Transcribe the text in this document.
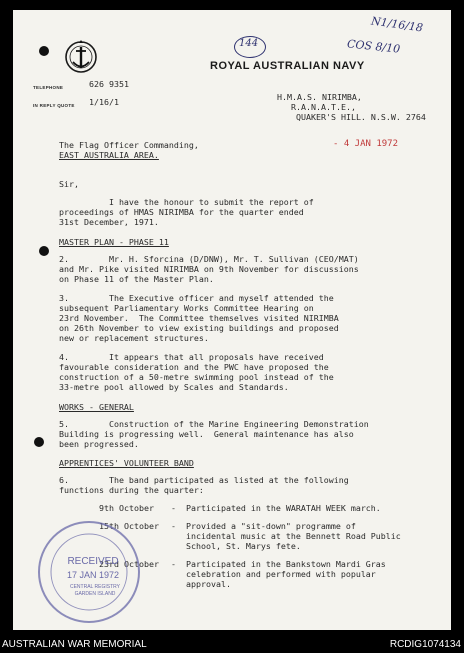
ROYAL AUSTRALIAN NAVY
N1/16/18
COS 8/10
144
TELEPHONE	626 9351
IN REPLY QUOTE 1/16/1	H.M.A.S. NIRIMBA,
R.A.N.A.T.E.,
QUAKER'S HILL. N.S.W. 2764
- 4 JAN 1972
The Flag Officer Commanding,
EAST AUSTRALIA AREA.
Sir,
I have the honour to submit the report of
proceedings of HMAS NIRIMBA for the quarter ended
31st December, 1971.
MASTER PLAN - PHASE 11
2.        Mr. H. Sforcina (D/DNW), Mr. T. Sullivan (CEO/MAT)
and Mr. Pike visited NIRIMBA on 9th November for discussions
on Phase 11 of the Master Plan.
3.        The Executive officer and myself attended the
subsequent Parliamentary Works Committee Hearing on
23rd November.  The Committee themselves visited NIRIMBA
on 26th November to view existing buildings and proposed
new or replacement structures.
4.        It appears that all proposals have received
favourable consideration and the PWC have proposed the
construction of a 50-metre swimming pool instead of the
33-metre pool allowed by Scales and Standards.
WORKS - GENERAL
5.        Construction of the Marine Engineering Demonstration
Building is progressing well.  General maintenance has also
been progressed.
APPRENTICES' VOLUNTEER BAND
6.        The band participated as listed at the following
functions during the quarter:
9th October -  Participated in the WARATAH WEEK march.
15th October -  Provided a "sit-down" programme of
incidental music at the Bennett Road Public
School, St. Marys fete.
23rd October -  Participated in the Bankstown Mardi Gras
celebration and performed with popular
approval.
RECEIVED
17 JAN 1972
CENTRAL REGISTRY
GARDEN ISLAND
AUSTRALIAN WAR MEMORIAL	RCDIG1074134
